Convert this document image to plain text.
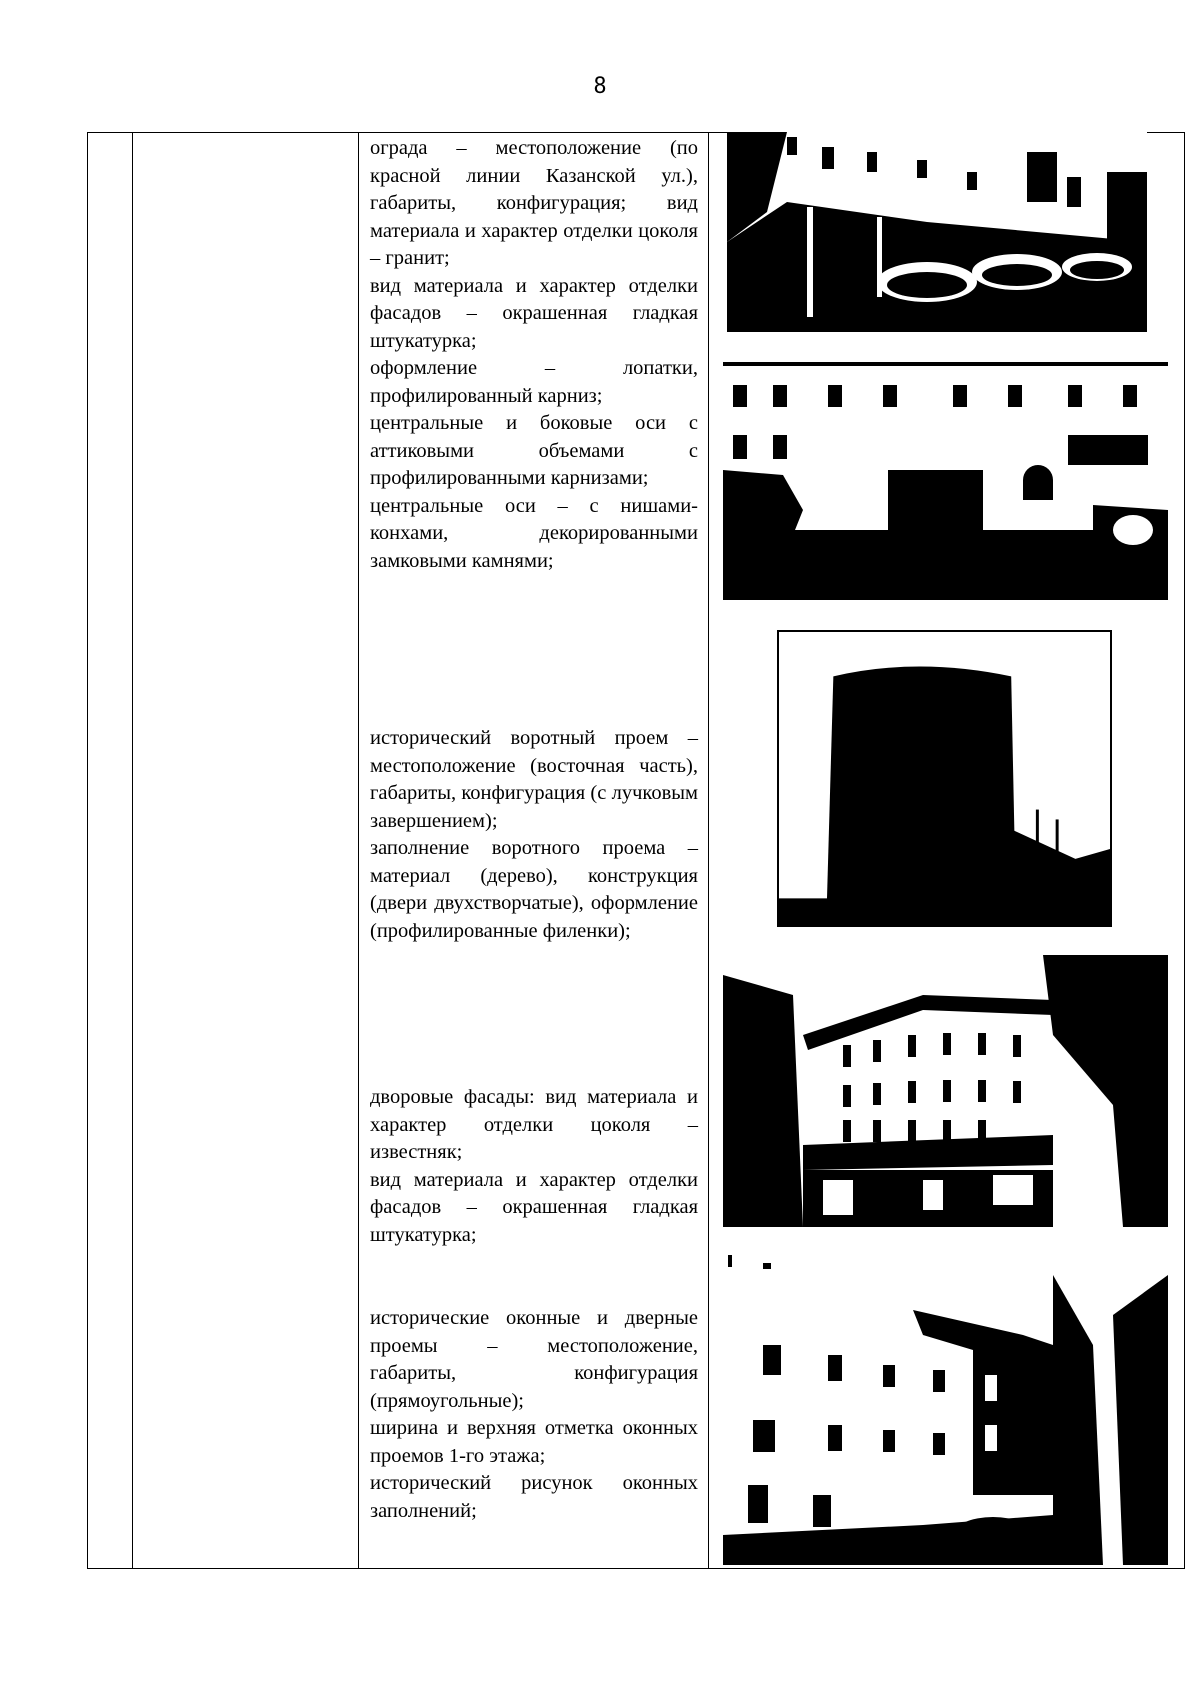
8

ограда – местоположение (по красной линии Казанской ул.), габариты, конфигурация; вид материала и характер отделки цоколя – гранит;

вид материала и характер отделки фасадов – окрашенная гладкая штукатурка;

оформление – лопатки, профилированный карниз;

центральные и боковые оси с аттиковыми объемами с профилированными карнизами;

центральные оси – с нишами-конхами, декорированными замковыми камнями;

исторический воротный проем – местоположение (восточная часть), габариты, конфигурация (с лучковым завершением);

заполнение воротного проема – материал (дерево), конструкция (двери двухстворчатые), оформление (профилированные филенки);

дворовые фасады: вид материала и характер отделки цоколя – известняк;

вид материала и характер отделки фасадов – окрашенная гладкая штукатурка;

исторические оконные и дверные проемы – местоположение, габариты, конфигурация (прямоугольные);

ширина и верхняя отметка оконных проемов 1-го этажа;

исторический рисунок оконных заполнений;
